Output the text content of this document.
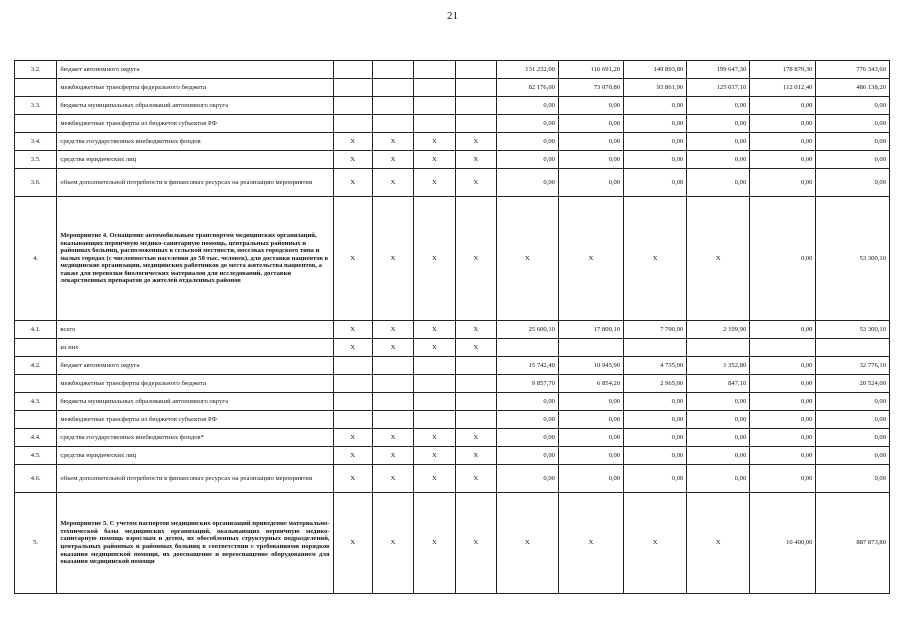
21
3.2.	бюджет автономного округа					131 232,00	116 691,20	149 893,80	199 647,30	178 879,30	776 343,60
	межбюджетные трансферты федерального бюджета					82 176,00	73 070,80	93 861,90	125 017,10	112 012,40	486 138,20
3.3.	бюджеты муниципальных образований автономного округа					0,00	0,00	0,00	0,00	0,00	0,00
	межбюджетные трансферты из бюджетов субъектов РФ					0,00	0,00	0,00	0,00	0,00	0,00
3.4.	средства государственных внебюджетных фондов	X	X	X	X	0,00	0,00	0,00	0,00	0,00	0,00
3.5.	средства юридических лиц	X	X	X	X	0,00	0,00	0,00	0,00	0,00	0,00
3.6.	объем дополнительной потребности в финансовых ресурсах на реализацию мероприятия	X	X	X	X	0,00	0,00	0,00	0,00	0,00	0,00
4.	Мероприятие 4. Оснащение автомобильным транспортом медицинских организаций, оказывающих первичную медико-санитарную помощь, центральных районных и районных больниц, расположенных в сельской местности, поселках городского типа и малых городах (с численностью населения до 50 тыс. человек), для доставки пациентов в медицинские организации, медицинских работников до места жительства пациентов, а также для перевозки биологических материалов для исследований, доставки лекарственных препаратов до жителей отдаленных районов	X	X	X	X	X	X	X	X	0,00	53 300,10
4.1.	всего	X	X	X	X	25 600,10	17 800,10	7 700,00	2 199,90	0,00	53 300,10
	из них	X	X	X	X						
4.2.	бюджет автономного округа					15 742,40	10 945,90	4 735,00	1 352,80	0,00	32 776,10
	межбюджетные трансферты федерального бюджета					9 857,70	6 854,20	2 965,00	847,10	0,00	20 524,00
4.3.	бюджеты муниципальных образований автономного округа					0,00	0,00	0,00	0,00	0,00	0,00
	межбюджетные трансферты из бюджетов субъектов РФ					0,00	0,00	0,00	0,00	0,00	0,00
4.4.	средства государственных внебюджетных фондов*	X	X	X	X	0,00	0,00	0,00	0,00	0,00	0,00
4.5.	средства юридических лиц	X	X	X	X	0,00	0,00	0,00	0,00	0,00	0,00
4.6.	объем дополнительной потребности в финансовых ресурсах на реализацию мероприятия	X	X	X	X	0,00	0,00	0,00	0,00	0,00	0,00
5.	Мероприятие 5. С учетом паспортов медицинских организаций приведение материально-технической базы медицинских организаций, оказывающих первичную медико-санитарную помощь взрослым и детям, их обособленных структурных подразделений, центральных районных и районных больниц в соответствии с требованиями порядков оказания медицинской помощи, их дооснащение и переоснащение оборудованием для оказания медицинской помощи	X	X	X	X	X	X	X	X	10 400,00	887 873,80
